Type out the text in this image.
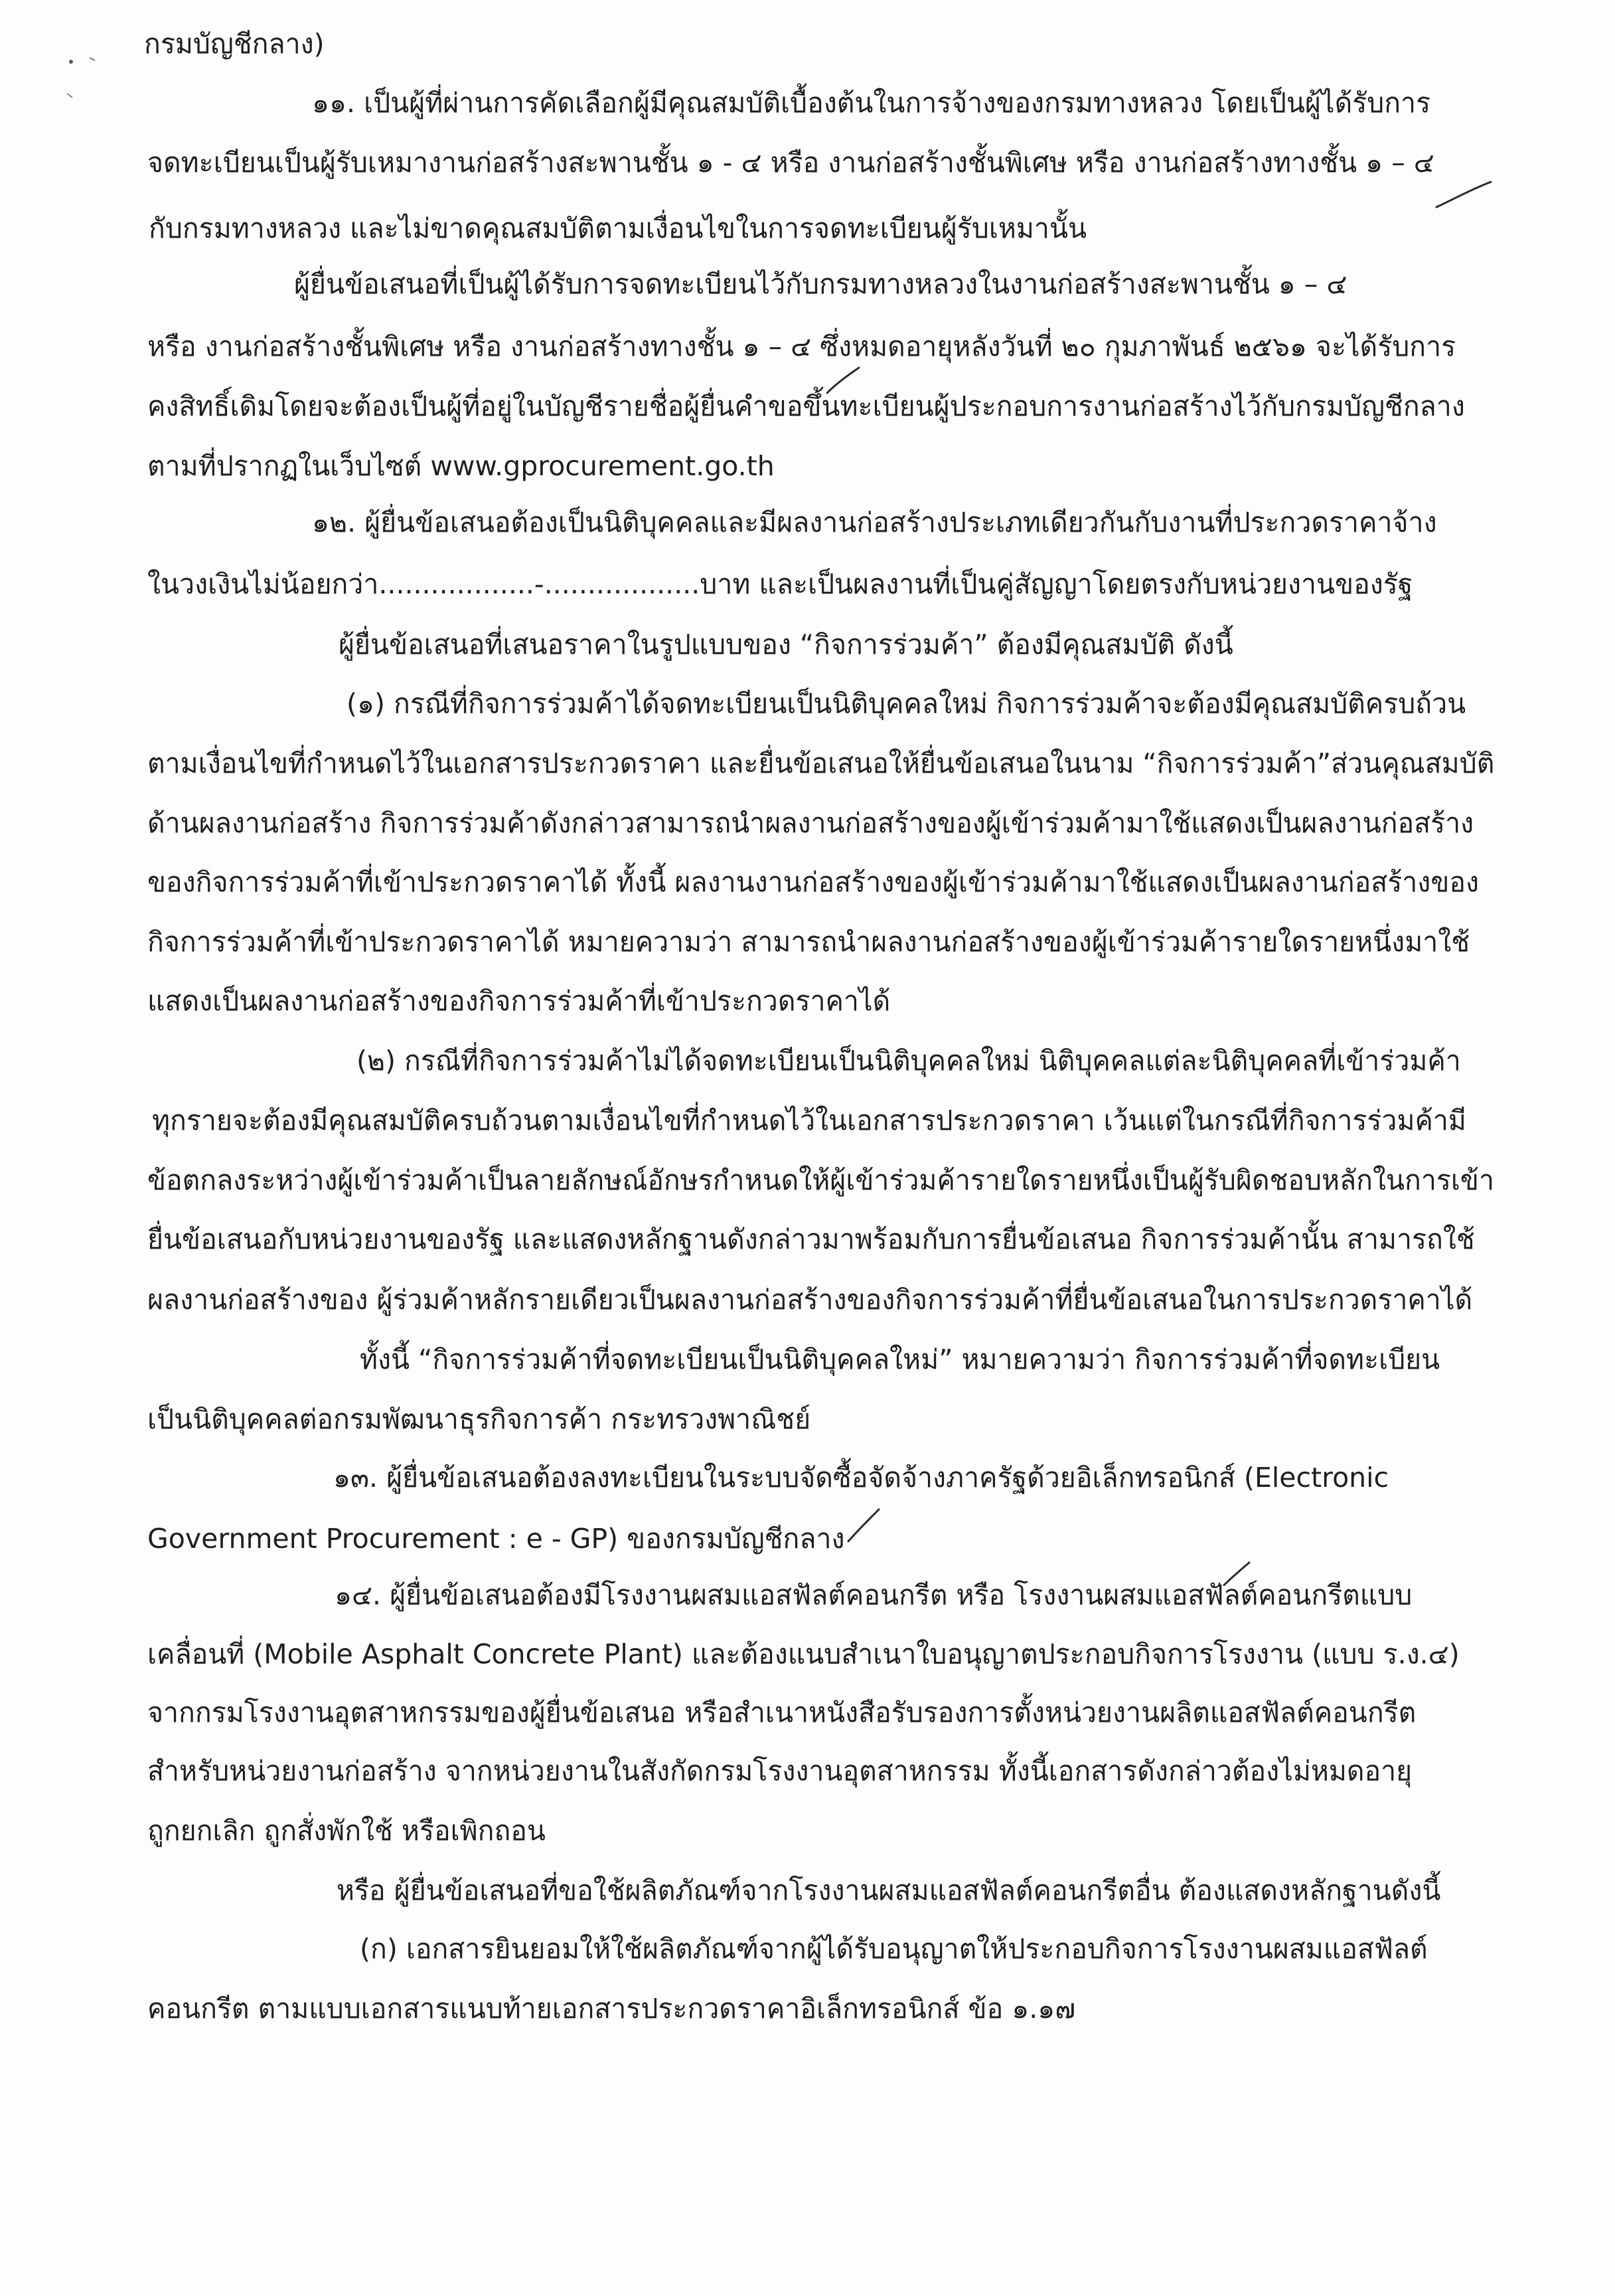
กรมบัญชีกลาง)
๑๑. เป็นผู้ที่ผ่านการคัดเลือกผู้มีคุณสมบัติเบื้องต้นในการจ้างของกรมทางหลวง โดยเป็นผู้ได้รับการ
จดทะเบียนเป็นผู้รับเหมางานก่อสร้างสะพานชั้น ๑ - ๔ หรือ งานก่อสร้างชั้นพิเศษ หรือ งานก่อสร้างทางชั้น ๑ – ๔
กับกรมทางหลวง และไม่ขาดคุณสมบัติตามเงื่อนไขในการจดทะเบียนผู้รับเหมานั้น
ผู้ยื่นข้อเสนอที่เป็นผู้ได้รับการจดทะเบียนไว้กับกรมทางหลวงในงานก่อสร้างสะพานชั้น ๑ – ๔
หรือ งานก่อสร้างชั้นพิเศษ หรือ งานก่อสร้างทางชั้น ๑ – ๔ ซึ่งหมดอายุหลังวันที่ ๒๐ กุมภาพันธ์ ๒๕๖๑ จะได้รับการ
คงสิทธิ์เดิมโดยจะต้องเป็นผู้ที่อยู่ในบัญชีรายชื่อผู้ยื่นคำขอขึ้นทะเบียนผู้ประกอบการงานก่อสร้างไว้กับกรมบัญชีกลาง
ตามที่ปรากฏในเว็บไซต์ www.gprocurement.go.th
๑๒. ผู้ยื่นข้อเสนอต้องเป็นนิติบุคคลและมีผลงานก่อสร้างประเภทเดียวกันกับงานที่ประกวดราคาจ้าง
ในวงเงินไม่น้อยกว่า..................-..................บาท และเป็นผลงานที่เป็นคู่สัญญาโดยตรงกับหน่วยงานของรัฐ
ผู้ยื่นข้อเสนอที่เสนอราคาในรูปแบบของ “กิจการร่วมค้า” ต้องมีคุณสมบัติ ดังนี้
(๑) กรณีที่กิจการร่วมค้าได้จดทะเบียนเป็นนิติบุคคลใหม่ กิจการร่วมค้าจะต้องมีคุณสมบัติครบถ้วน
ตามเงื่อนไขที่กำหนดไว้ในเอกสารประกวดราคา และยื่นข้อเสนอให้ยื่นข้อเสนอในนาม “กิจการร่วมค้า”ส่วนคุณสมบัติ
ด้านผลงานก่อสร้าง กิจการร่วมค้าดังกล่าวสามารถนำผลงานก่อสร้างของผู้เข้าร่วมค้ามาใช้แสดงเป็นผลงานก่อสร้าง
ของกิจการร่วมค้าที่เข้าประกวดราคาได้ ทั้งนี้ ผลงานงานก่อสร้างของผู้เข้าร่วมค้ามาใช้แสดงเป็นผลงานก่อสร้างของ
กิจการร่วมค้าที่เข้าประกวดราคาได้ หมายความว่า สามารถนำผลงานก่อสร้างของผู้เข้าร่วมค้ารายใดรายหนึ่งมาใช้
แสดงเป็นผลงานก่อสร้างของกิจการร่วมค้าที่เข้าประกวดราคาได้
(๒) กรณีที่กิจการร่วมค้าไม่ได้จดทะเบียนเป็นนิติบุคคลใหม่ นิติบุคคลแต่ละนิติบุคคลที่เข้าร่วมค้า
ทุกรายจะต้องมีคุณสมบัติครบถ้วนตามเงื่อนไขที่กำหนดไว้ในเอกสารประกวดราคา เว้นแต่ในกรณีที่กิจการร่วมค้ามี
ข้อตกลงระหว่างผู้เข้าร่วมค้าเป็นลายลักษณ์อักษรกำหนดให้ผู้เข้าร่วมค้ารายใดรายหนึ่งเป็นผู้รับผิดชอบหลักในการเข้า
ยื่นข้อเสนอกับหน่วยงานของรัฐ และแสดงหลักฐานดังกล่าวมาพร้อมกับการยื่นข้อเสนอ กิจการร่วมค้านั้น สามารถใช้
ผลงานก่อสร้างของ ผู้ร่วมค้าหลักรายเดียวเป็นผลงานก่อสร้างของกิจการร่วมค้าที่ยื่นข้อเสนอในการประกวดราคาได้
ทั้งนี้ “กิจการร่วมค้าที่จดทะเบียนเป็นนิติบุคคลใหม่” หมายความว่า กิจการร่วมค้าที่จดทะเบียน
เป็นนิติบุคคลต่อกรมพัฒนาธุรกิจการค้า กระทรวงพาณิชย์
๑๓. ผู้ยื่นข้อเสนอต้องลงทะเบียนในระบบจัดซื้อจัดจ้างภาครัฐด้วยอิเล็กทรอนิกส์ (Electronic
Government Procurement : e - GP) ของกรมบัญชีกลาง
๑๔. ผู้ยื่นข้อเสนอต้องมีโรงงานผสมแอสฟัลต์คอนกรีต หรือ โรงงานผสมแอสฟัลต์คอนกรีตแบบ
เคลื่อนที่ (Mobile Asphalt Concrete Plant) และต้องแนบสำเนาใบอนุญาตประกอบกิจการโรงงาน (แบบ ร.ง.๔)
จากกรมโรงงานอุตสาหกรรมของผู้ยื่นข้อเสนอ หรือสำเนาหนังสือรับรองการตั้งหน่วยงานผลิตแอสฟัลต์คอนกรีต
สำหรับหน่วยงานก่อสร้าง จากหน่วยงานในสังกัดกรมโรงงานอุตสาหกรรม ทั้งนี้เอกสารดังกล่าวต้องไม่หมดอายุ
ถูกยกเลิก ถูกสั่งพักใช้ หรือเพิกถอน
หรือ ผู้ยื่นข้อเสนอที่ขอใช้ผลิตภัณฑ์จากโรงงานผสมแอสฟัลต์คอนกรีตอื่น ต้องแสดงหลักฐานดังนี้
(ก) เอกสารยินยอมให้ใช้ผลิตภัณฑ์จากผู้ได้รับอนุญาตให้ประกอบกิจการโรงงานผสมแอสฟัลต์
คอนกรีต ตามแบบเอกสารแนบท้ายเอกสารประกวดราคาอิเล็กทรอนิกส์ ข้อ ๑.๑๗
